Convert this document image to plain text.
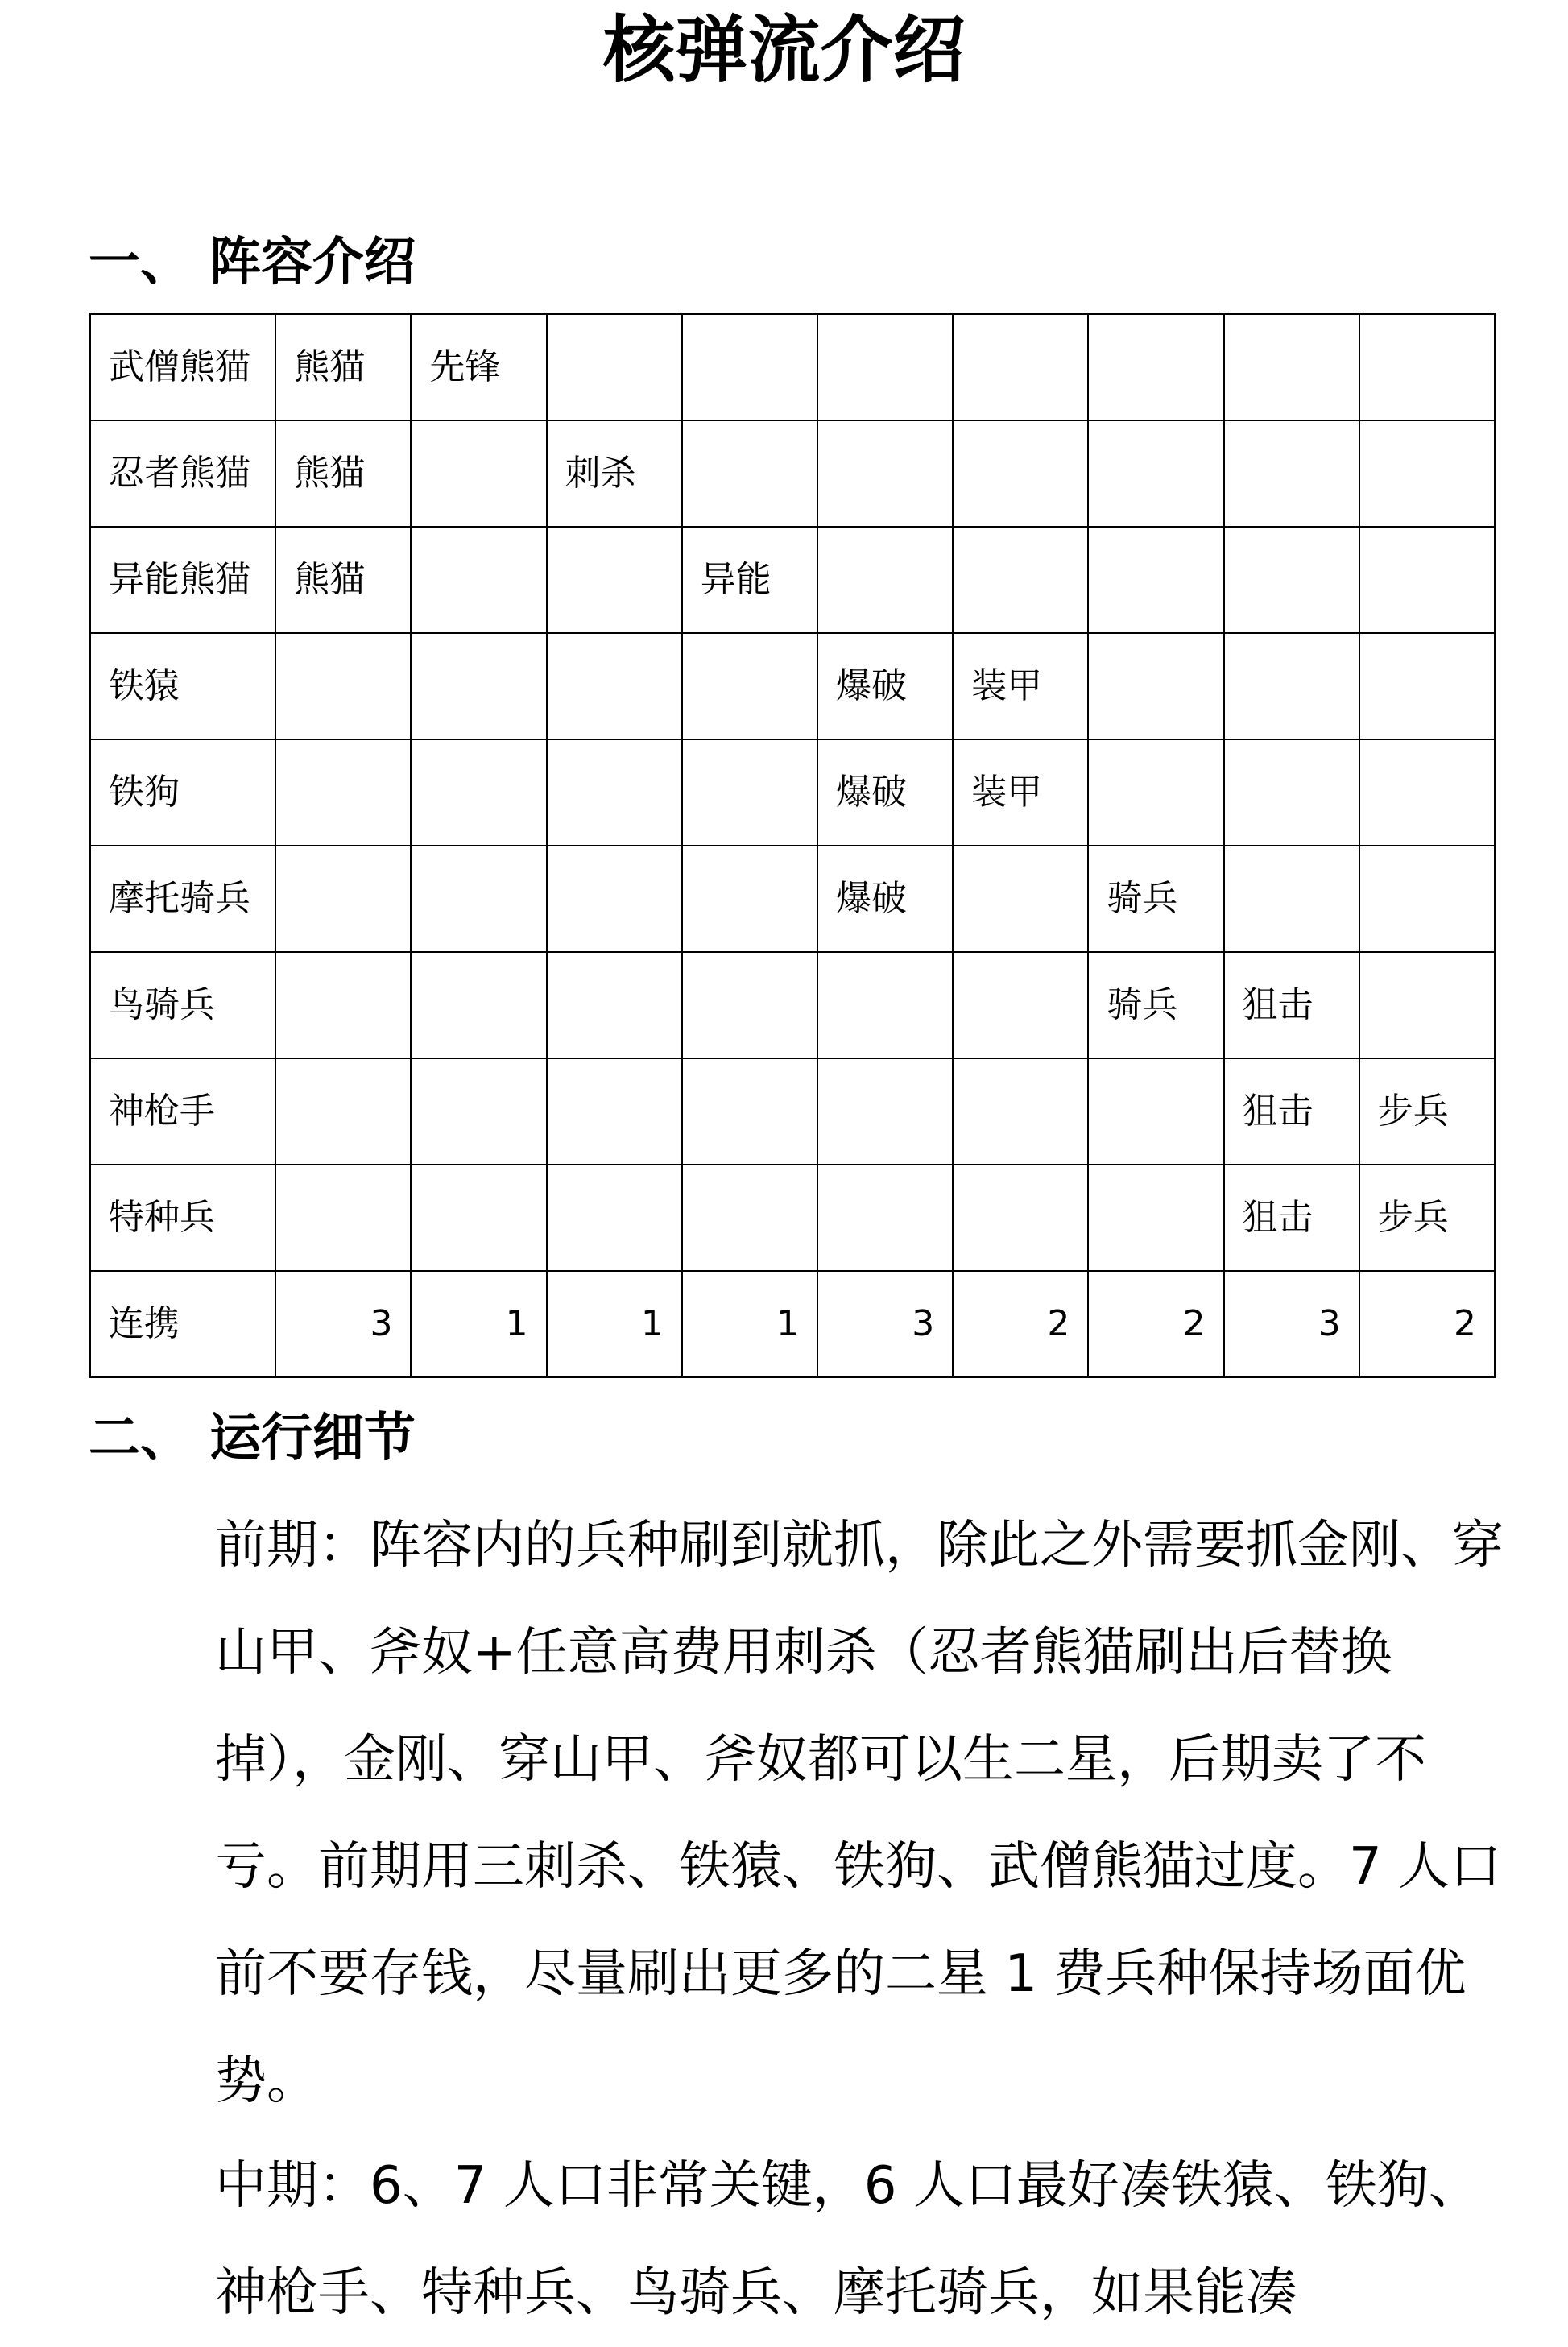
核弹流介绍
一、 阵容介绍
武僧熊猫	熊猫	先锋							
忍者熊猫	熊猫		刺杀						
异能熊猫	熊猫			异能					
铁猿					爆破	装甲			
铁狗					爆破	装甲			
摩托骑兵					爆破		骑兵		
鸟骑兵							骑兵	狙击	
神枪手								狙击	步兵
特种兵								狙击	步兵
连携	3	1	1	1	3	2	2	3	2
二、 运行细节

前期：阵容内的兵种刷到就抓，除此之外需要抓金刚、穿山甲、斧奴+任意高费用刺杀（忍者熊猫刷出后替换掉），金刚、穿山甲、斧奴都可以生二星，后期卖了不亏。前期用三刺杀、铁猿、铁狗、武僧熊猫过度。7 人口前不要存钱，尽量刷出更多的二星 1 费兵种保持场面优势。

中期：6、7 人口非常关键，6 人口最好凑铁猿、铁狗、神枪手、特种兵、鸟骑兵、摩托骑兵，如果能凑
